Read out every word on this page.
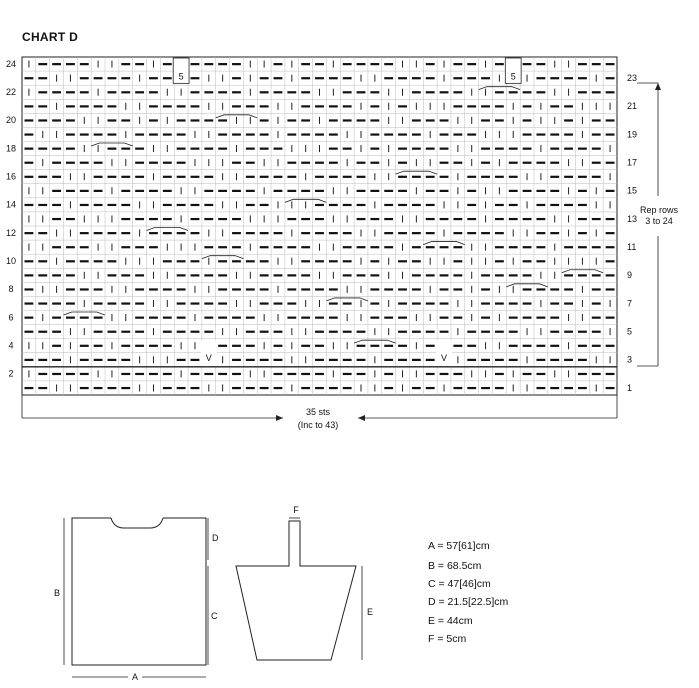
CHART D
5	5
V	V
24
22
20
18
16
14
12
10
8
6
4
2
23
21
19
17
15
13
11
9
7
5
3
1
B
A
D
C
F
E
35 sts
(Inc to 43)
Rep rows
3 to 24
A = 57[61]cm
B = 68.5cm
C = 47[46]cm
D = 21.5[22.5]cm
E = 44cm
F = 5cm
